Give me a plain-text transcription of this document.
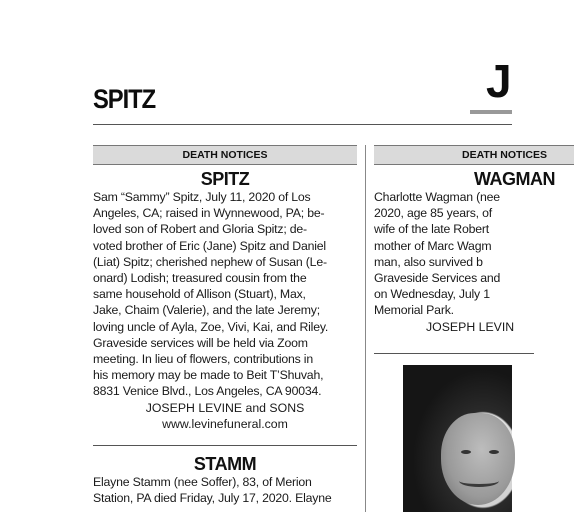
SPITZ	J
DEATH NOTICES
SPITZ
Sam “Sammy” Spitz, July 11, 2020 of Los
Angeles, CA; raised in Wynnewood, PA; be-
loved son of Robert and Gloria Spitz; de-
voted brother of Eric (Jane) Spitz and Daniel
(Liat) Spitz; cherished nephew of Susan (Le-
onard) Lodish; treasured cousin from the
same household of Allison (Stuart), Max,
Jake, Chaim (Valerie), and the late Jeremy;
loving uncle of Ayla, Zoe, Vivi, Kai, and Riley.
Graveside services will be held via Zoom
meeting. In lieu of flowers, contributions in
his memory may be made to Beit T’Shuvah,
8831 Venice Blvd., Los Angeles, CA 90034.
JOSEPH LEVINE and SONS
www.levinefuneral.com
STAMM
Elayne Stamm (nee Soffer), 83, of Merion
Station, PA died Friday, July 17, 2020. Elayne
DEATH NOTICES
WAGMAN
Charlotte Wagman (nee
2020, age 85 years, of
wife of the late Robert
mother of Marc Wagm
man, also survived b
Graveside Services and
on Wednesday, July 1
Memorial Park.
JOSEPH LEVIN
